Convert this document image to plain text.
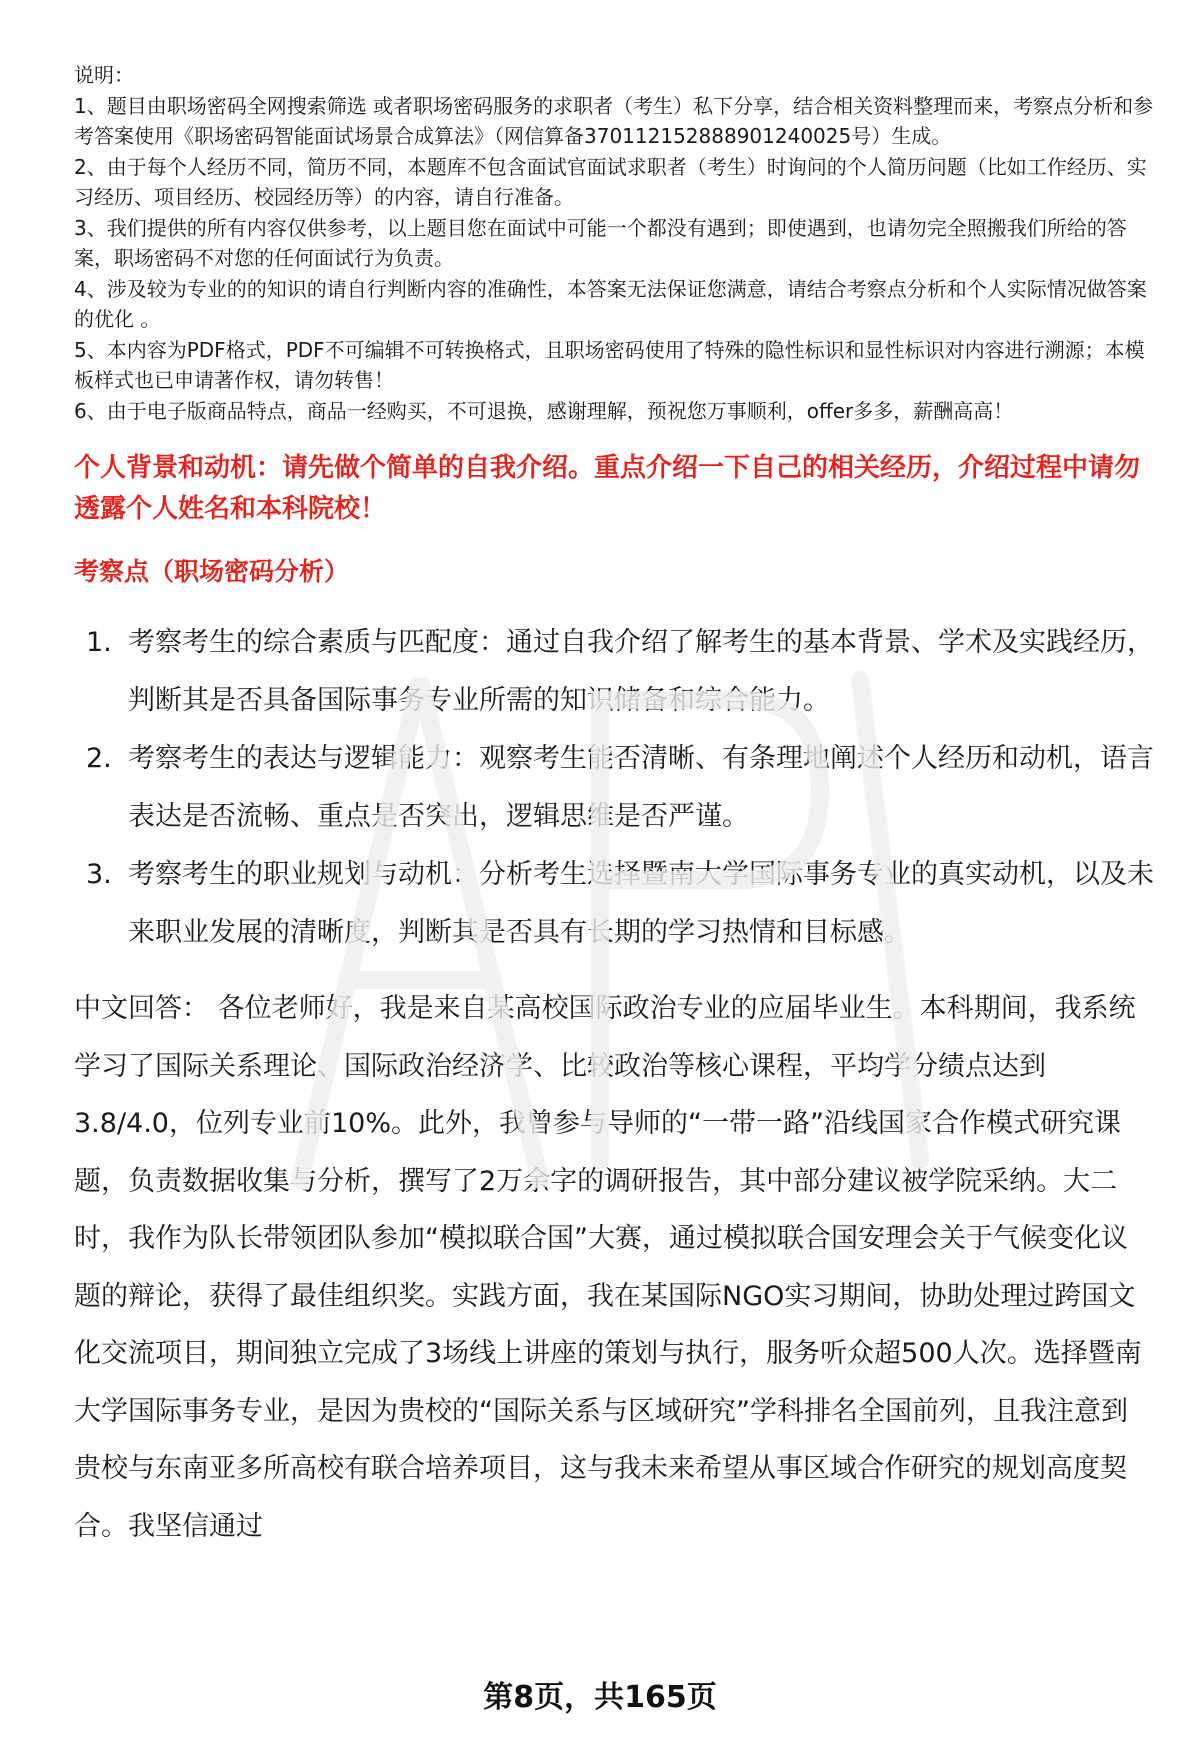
说明：

1、题目由职场密码全网搜索筛选 或者职场密码服务的求职者（考生）私下分享，结合相关资料整理而来，考察点分析和参考答案使用《职场密码智能面试场景合成算法》（网信算备370112152888901240025号）生成。

2、由于每个人经历不同，简历不同，本题库不包含面试官面试求职者（考生）时询问的个人简历问题（比如工作经历、实习经历、项目经历、校园经历等）的内容，请自行准备。

3、我们提供的所有内容仅供参考，以上题目您在面试中可能一个都没有遇到；即使遇到，也请勿完全照搬我们所给的答案，职场密码不对您的任何面试行为负责。

4、涉及较为专业的的知识的请自行判断内容的准确性，本答案无法保证您满意，请结合考察点分析和个人实际情况做答案的优化 。

5、本内容为PDF格式，PDF不可编辑不可转换格式，且职场密码使用了特殊的隐性标识和显性标识对内容进行溯源；本模板样式也已申请著作权，请勿转售！

6、由于电子版商品特点，商品一经购买，不可退换，感谢理解，预祝您万事顺利，offer多多，薪酬高高！

个人背景和动机：请先做个简单的自我介绍。重点介绍一下自己的相关经历，介绍过程中请勿透露个人姓名和本科院校！
考察点（职场密码分析）
1. 考察考生的综合素质与匹配度：通过自我介绍了解考生的基本背景、学术及实践经历，判断其是否具备国际事务专业所需的知识储备和综合能力。
2. 考察考生的表达与逻辑能力：观察考生能否清晰、有条理地阐述个人经历和动机，语言表达是否流畅、重点是否突出，逻辑思维是否严谨。
3. 考察考生的职业规划与动机：分析考生选择暨南大学国际事务专业的真实动机，以及未来职业发展的清晰度，判断其是否具有长期的学习热情和目标感。

中文回答： 各位老师好，我是来自某高校国际政治专业的应届毕业生。本科期间，我系统学习了国际关系理论、国际政治经济学、比较政治等核心课程，平均学分绩点达到3.8/4.0，位列专业前10%。此外，我曾参与导师的“一带一路”沿线国家合作模式研究课题，负责数据收集与分析，撰写了2万余字的调研报告，其中部分建议被学院采纳。大二时，我作为队长带领团队参加“模拟联合国”大赛，通过模拟联合国安理会关于气候变化议题的辩论，获得了最佳组织奖。实践方面，我在某国际NGO实习期间，协助处理过跨国文化交流项目，期间独立完成了3场线上讲座的策划与执行，服务听众超500人次。选择暨南大学国际事务专业，是因为贵校的“国际关系与区域研究”学科排名全国前列，且我注意到贵校与东南亚多所高校有联合培养项目，这与我未来希望从事区域合作研究的规划高度契合。我坚信通过

第8页，共165页
